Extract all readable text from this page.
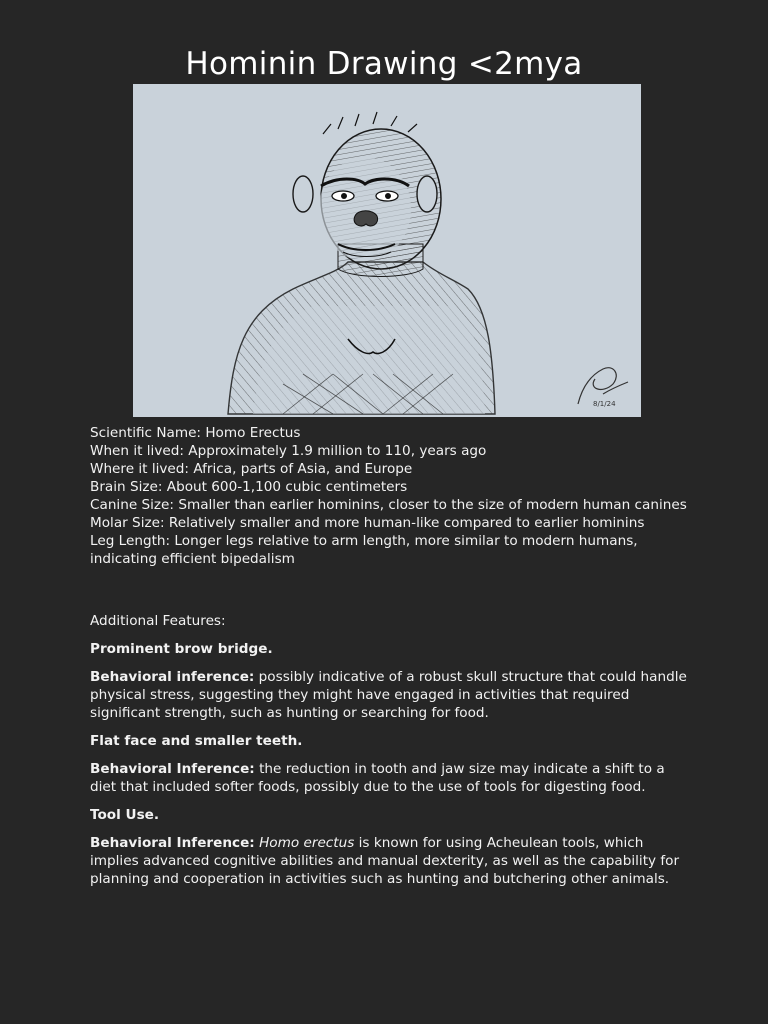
Hominin Drawing <2mya
8/1/24
Scientific Name: Homo Erectus
When it lived: Approximately 1.9 million to 110, years ago
Where it lived: Africa, parts of Asia, and Europe
Brain Size: About 600-1,100 cubic centimeters
Canine Size: Smaller than earlier hominins, closer to the size of modern human canines
Molar Size: Relatively smaller and more human-like compared to earlier hominins
Leg Length: Longer legs relative to arm length, more similar to modern humans, indicating efficient bipedalism

Additional Features:

Prominent brow bridge.

Behavioral inference: possibly indicative of a robust skull structure that could handle physical stress, suggesting they might have engaged in activities that required significant strength, such as hunting or searching for food.

Flat face and smaller teeth.

Behavioral Inference: the reduction in tooth and jaw size may indicate a shift to a diet that included softer foods, possibly due to the use of tools for digesting food.

Tool Use.

Behavioral Inference: Homo erectus is known for using Acheulean tools, which implies advanced cognitive abilities and manual dexterity, as well as the capability for planning and cooperation in activities such as hunting and butchering other animals.
